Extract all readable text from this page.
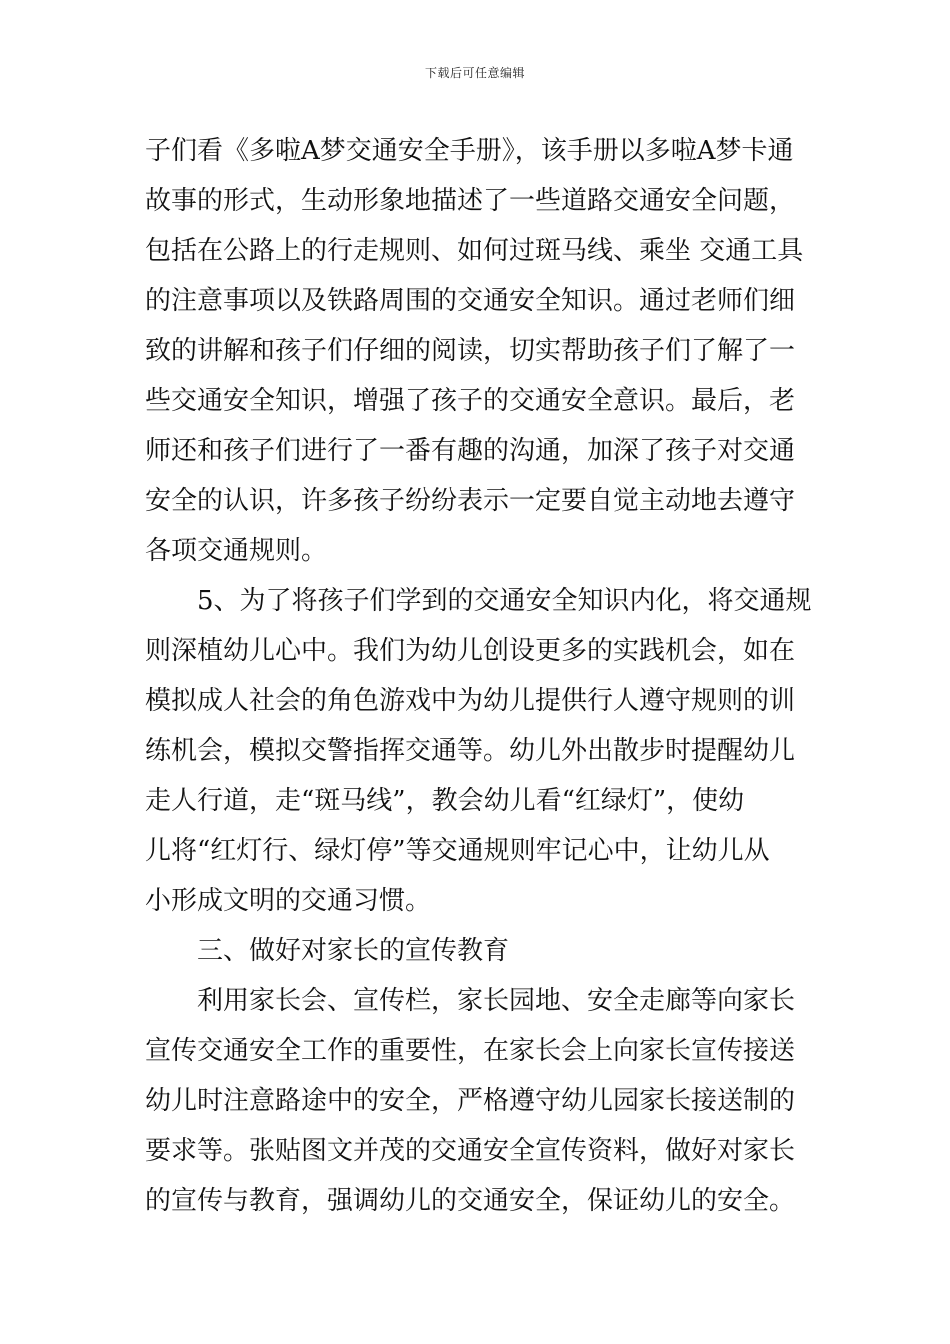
下载后可任意编辑
子们看《多啦A梦交通安全手册》，该手册以多啦A梦卡通
故事的形式，生动形象地描述了一些道路交通安全问题，
包括在公路上的行走规则、如何过斑马线、乘坐 交通工具
的注意事项以及铁路周围的交通安全知识。通过老师们细
致的讲解和孩子们仔细的阅读，切实帮助孩子们了解了一
些交通安全知识，增强了孩子的交通安全意识。最后，老
师还和孩子们进行了一番有趣的沟通，加深了孩子对交通
安全的认识，许多孩子纷纷表示一定要自觉主动地去遵守
各项交通规则。
5、为了将孩子们学到的交通安全知识内化，将交通规
则深植幼儿心中。我们为幼儿创设更多的实践机会，如在
模拟成人社会的角色游戏中为幼儿提供行人遵守规则的训
练机会，模拟交警指挥交通等。幼儿外出散步时提醒幼儿
走人行道，走“斑马线”，教会幼儿看“红绿灯”，使幼
儿将“红灯行、绿灯停”等交通规则牢记心中，让幼儿从
小形成文明的交通习惯。
三、做好对家长的宣传教育
利用家长会、宣传栏，家长园地、安全走廊等向家长
宣传交通安全工作的重要性，在家长会上向家长宣传接送
幼儿时注意路途中的安全，严格遵守幼儿园家长接送制的
要求等。张贴图文并茂的交通安全宣传资料，做好对家长
的宣传与教育，强调幼儿的交通安全，保证幼儿的安全。
